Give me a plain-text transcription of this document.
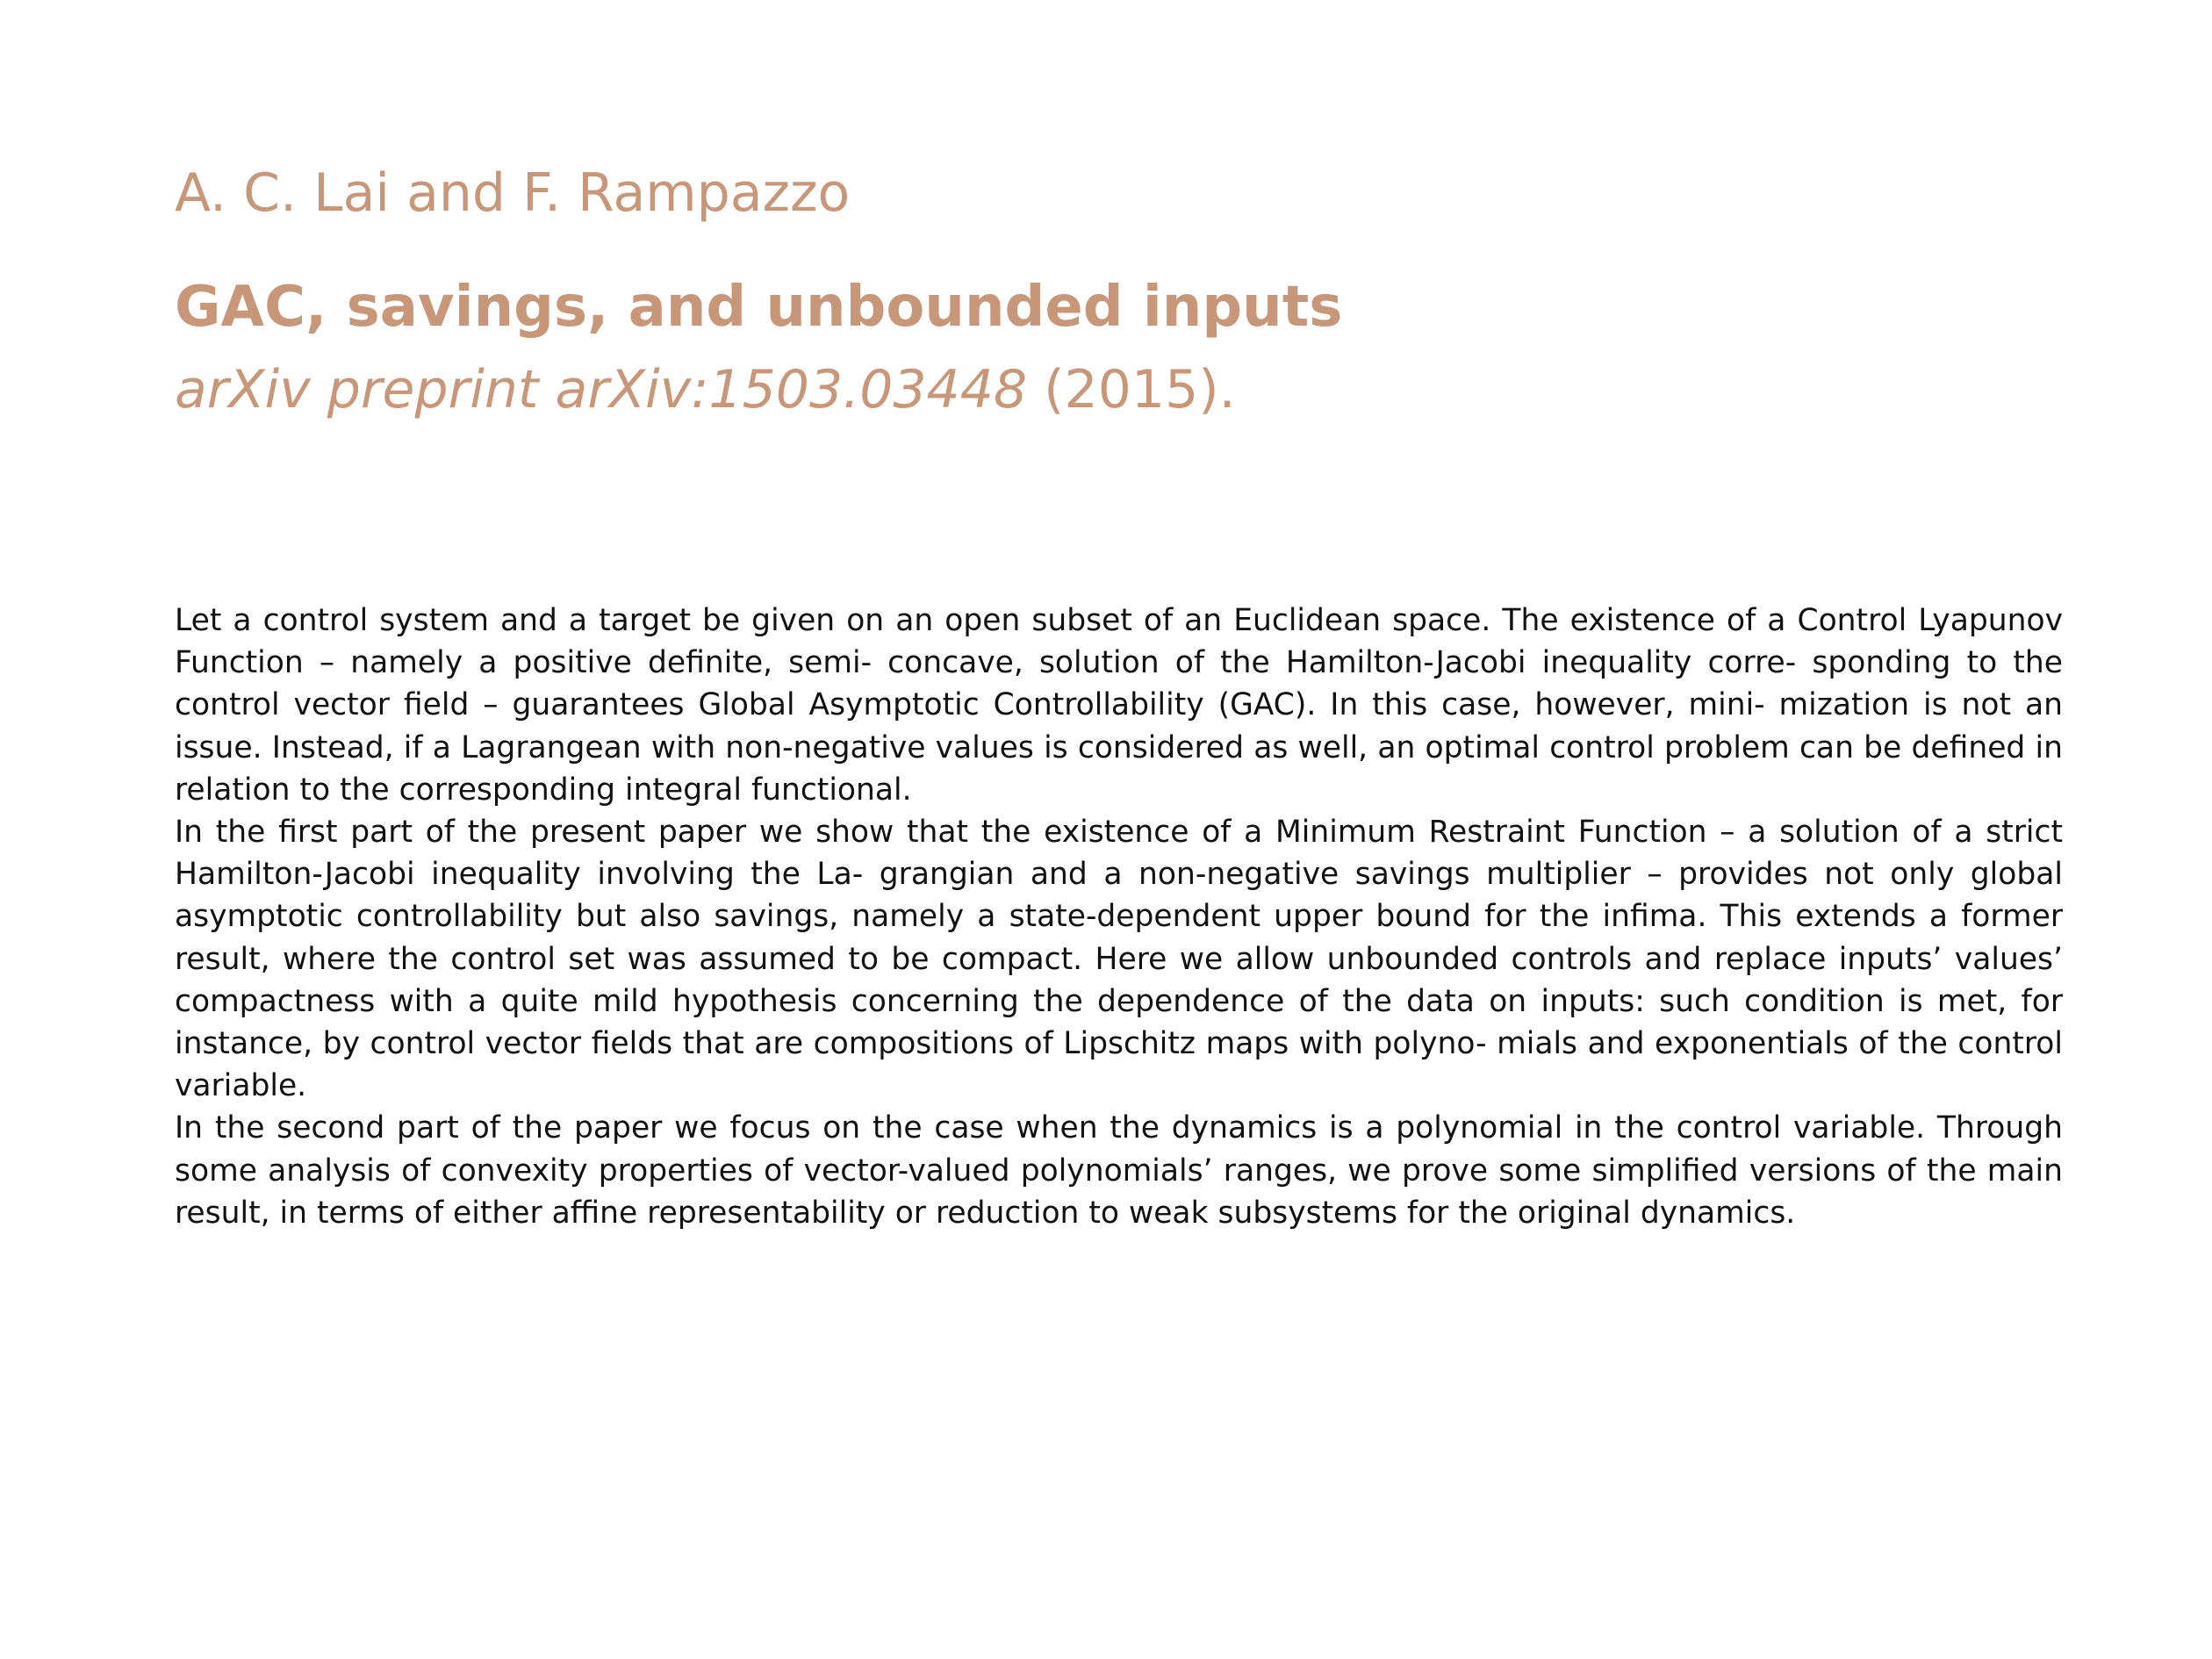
A. C. Lai and F. Rampazzo
GAC, savings, and unbounded inputs
arXiv preprint arXiv:1503.03448 (2015).

Let a control system and a target be given on an open subset of an Euclidean space. The existence of a Control Lyapunov Function – namely a positive definite, semi- concave, solution of the Hamilton-Jacobi inequality corre- sponding to the control vector field – guarantees Global Asymptotic Controllability (GAC). In this case, however, mini- mization is not an issue. Instead, if a Lagrangean with non-negative values is considered as well, an optimal control problem can be defined in relation to the corresponding integral functional.

In the first part of the present paper we show that the existence of a Minimum Restraint Function – a solution of a strict Hamilton-Jacobi inequality involving the La- grangian and a non-negative savings multiplier – provides not only global asymptotic controllability but also savings, namely a state-dependent upper bound for the infima. This extends a former result, where the control set was assumed to be compact. Here we allow unbounded controls and replace inputs’ values’ compactness with a quite mild hypothesis concerning the dependence of the data on inputs: such condition is met, for instance, by control vector fields that are compositions of Lipschitz maps with polyno- mials and exponentials of the control variable.

In the second part of the paper we focus on the case when the dynamics is a polynomial in the control variable. Through some analysis of convexity properties of vector-valued polynomials’ ranges, we prove some simplified versions of the main result, in terms of either affine representability or reduction to weak subsystems for the original dynamics.
